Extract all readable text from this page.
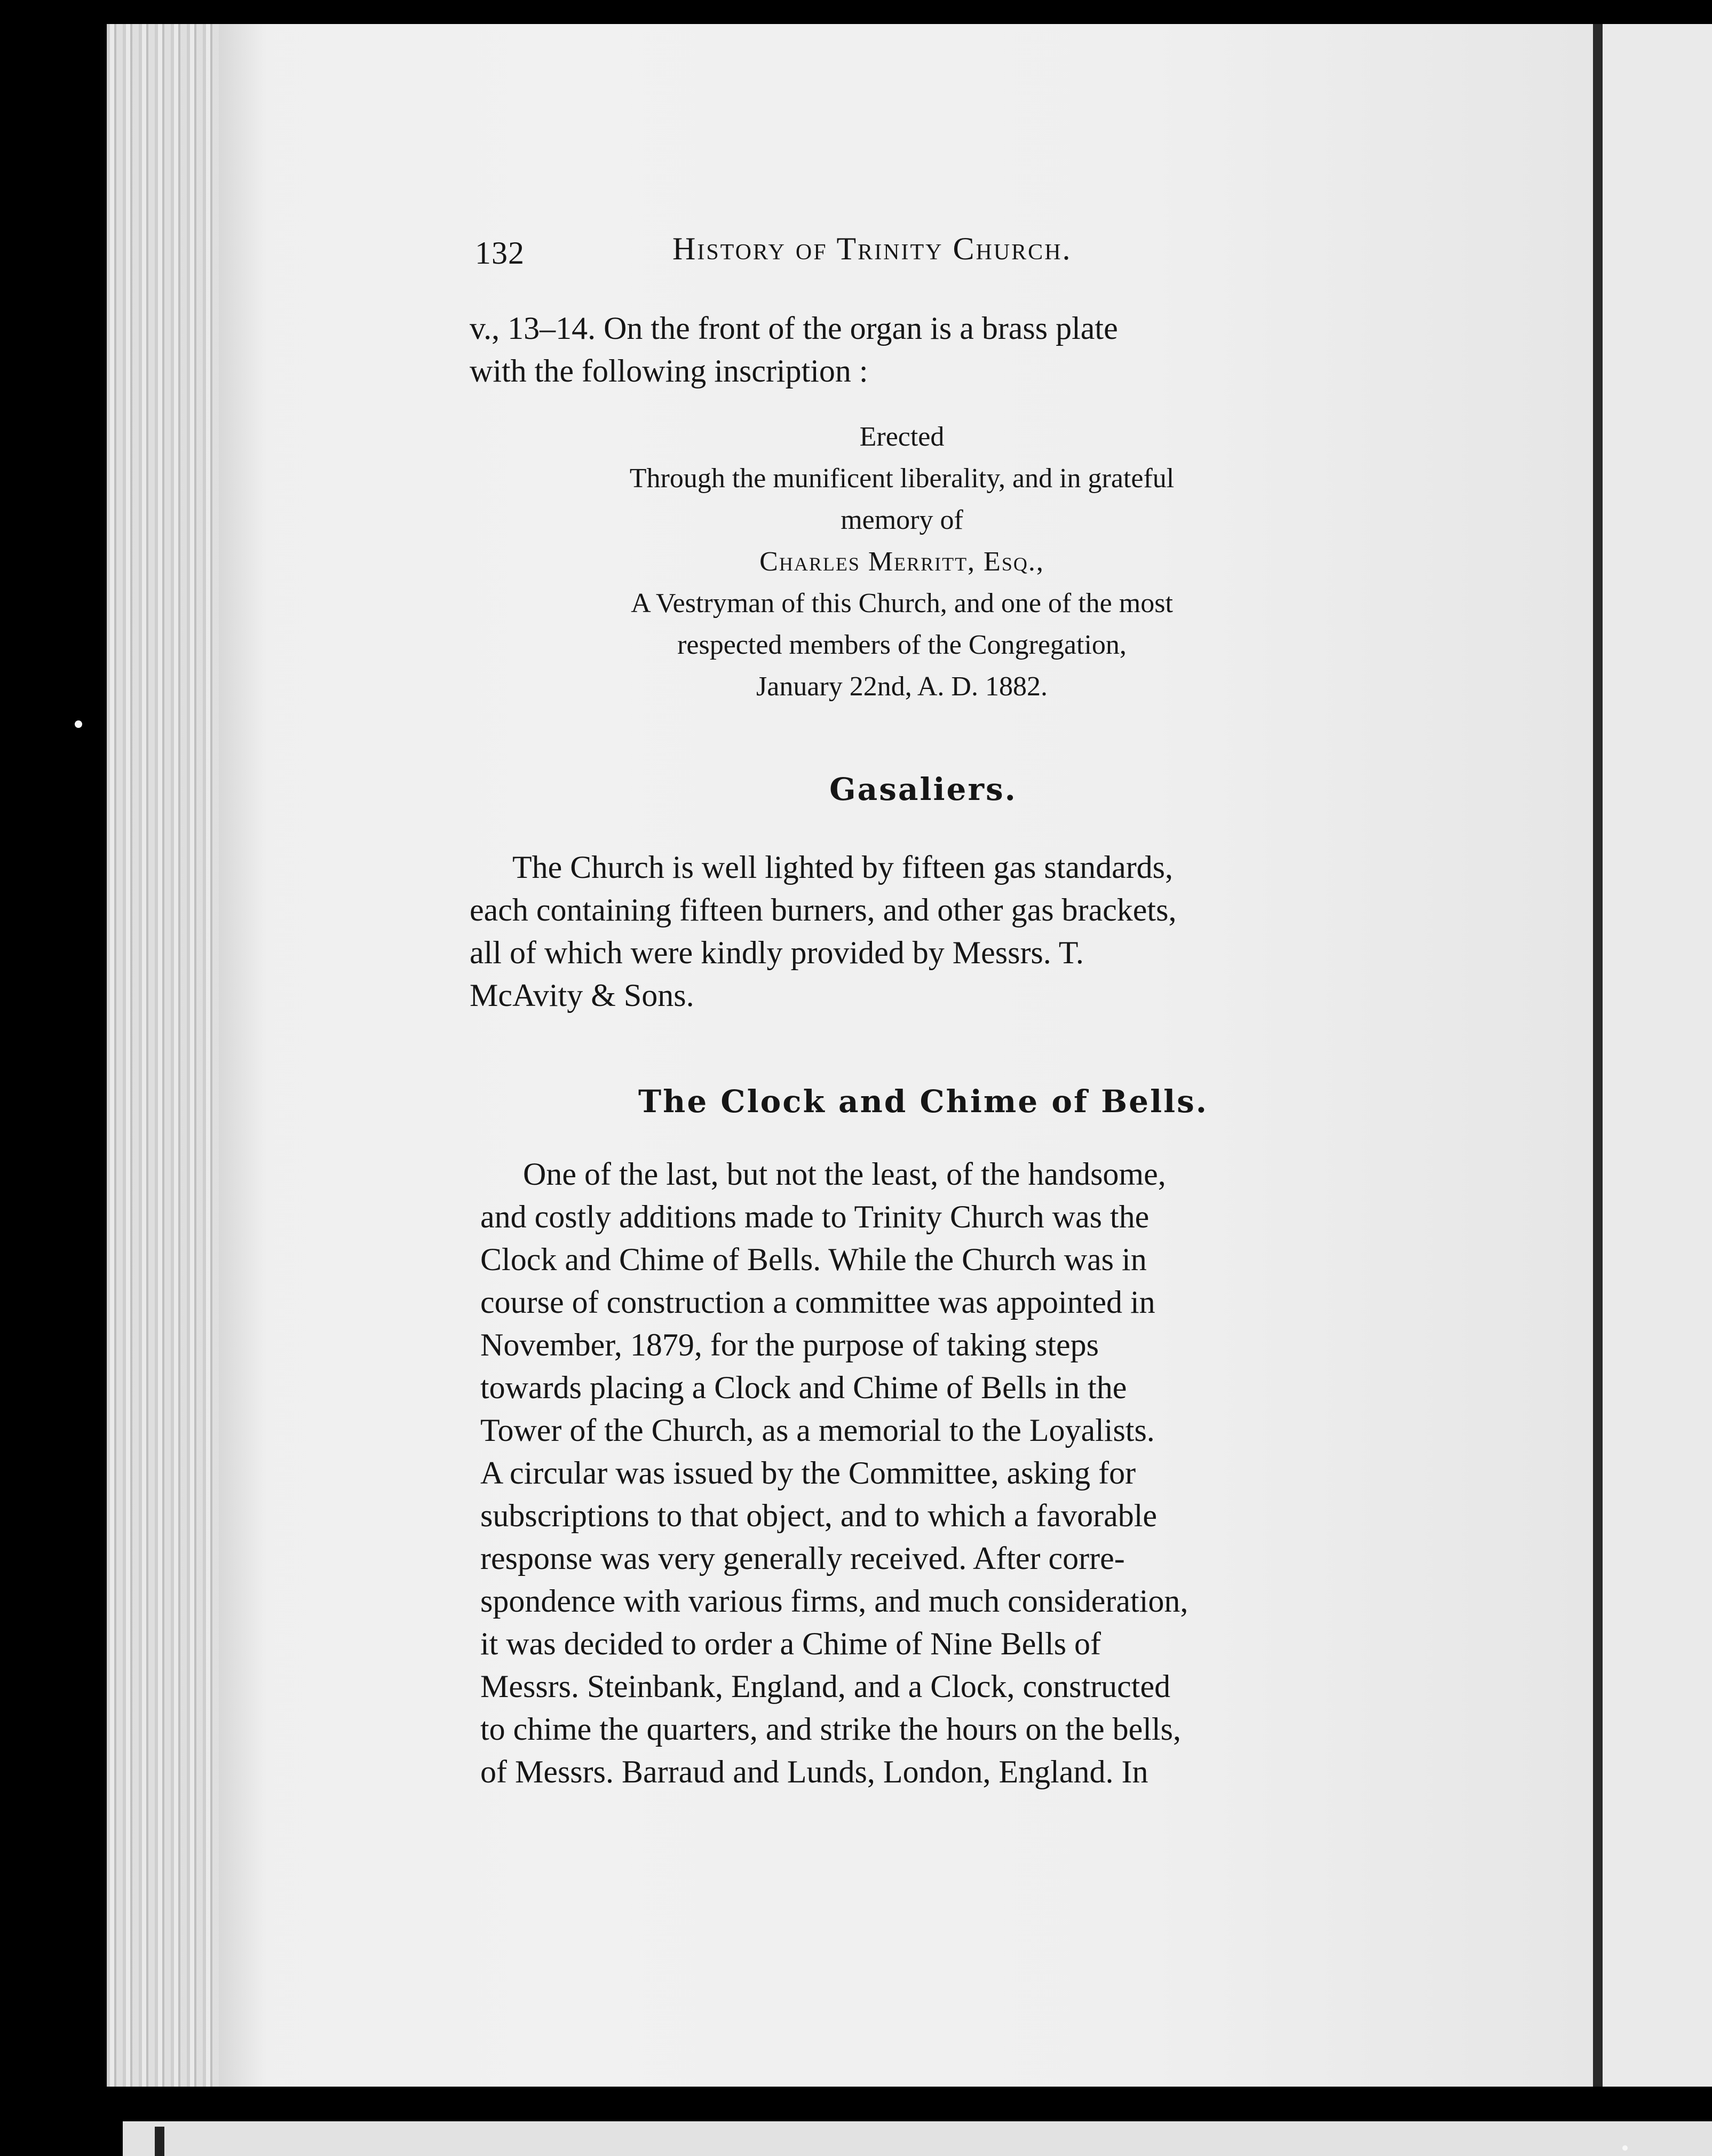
132	History of Trinity Church.

v., 13–14. On the front of the organ is a brass plate

with the following inscription :

Erected
Through the munificent liberality, and in grateful
memory of
Charles Merritt, Esq.,
A Vestryman of this Church, and one of the most
respected members of the Congregation,
January 22nd, A. D. 1882.
Gasaliers.

The Church is well lighted by fifteen gas standards,

each containing fifteen burners, and other gas brackets,

all of which were kindly provided by Messrs. T.

McAvity & Sons.

The Clock and Chime of Bells.

One of the last, but not the least, of the handsome,

and costly additions made to Trinity Church was the

Clock and Chime of Bells. While the Church was in

course of construction a committee was appointed in

November, 1879, for the purpose of taking steps

towards placing a Clock and Chime of Bells in the

Tower of the Church, as a memorial to the Loyalists.

A circular was issued by the Committee, asking for

subscriptions to that object, and to which a favorable

response was very generally received. After corre-

spondence with various firms, and much consideration,

it was decided to order a Chime of Nine Bells of

Messrs. Steinbank, England, and a Clock, constructed

to chime the quarters, and strike the hours on the bells,

of Messrs. Barraud and Lunds, London, England. In
